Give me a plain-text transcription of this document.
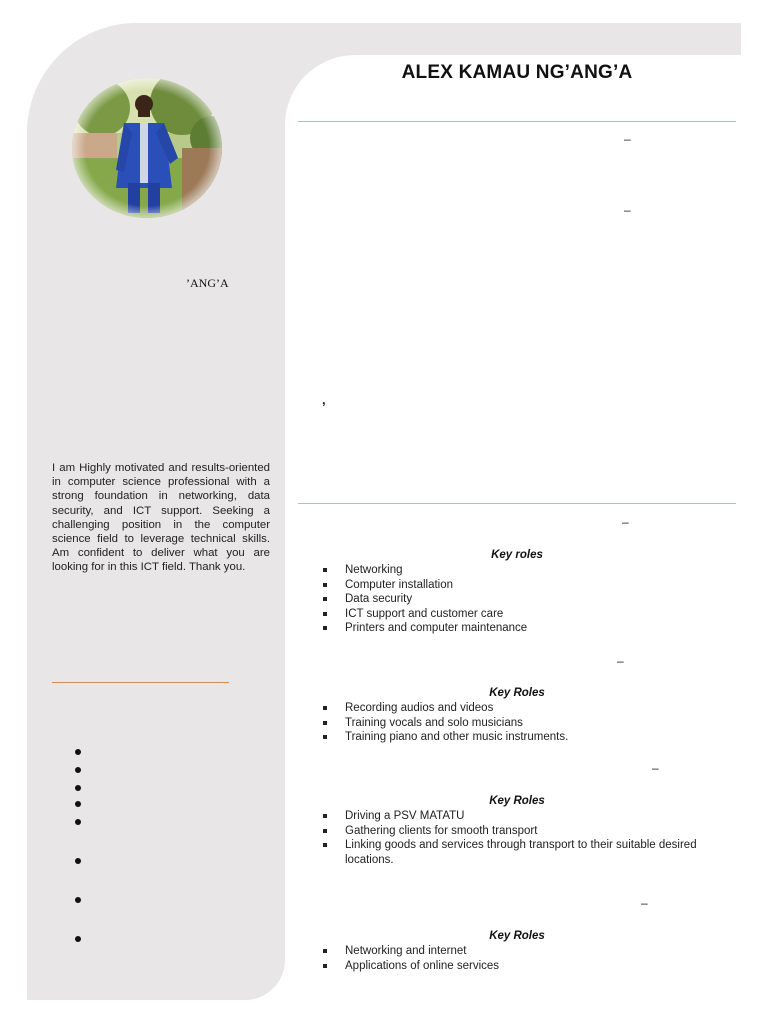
ALEX KAMAU NG’ANG’A
–
–
’ANG’A
,
I am Highly motivated and results-oriented in computer science professional with a strong foundation in networking, data security, and ICT support. Seeking a challenging position in the computer science field to leverage technical skills. Am confident to deliver what you are looking for in this ICT field. Thank you.
–
Key roles
Networking
Computer installation
Data security
ICT support and customer care
Printers and computer maintenance
–
Key Roles
Recording audios and videos
Training vocals and solo musicians
Training piano and other music instruments.
–
Key Roles
Driving a PSV MATATU
Gathering clients for smooth transport
Linking goods and services through transport to their suitable desired locations.
–
Key Roles
Networking and internet
Applications of online services
